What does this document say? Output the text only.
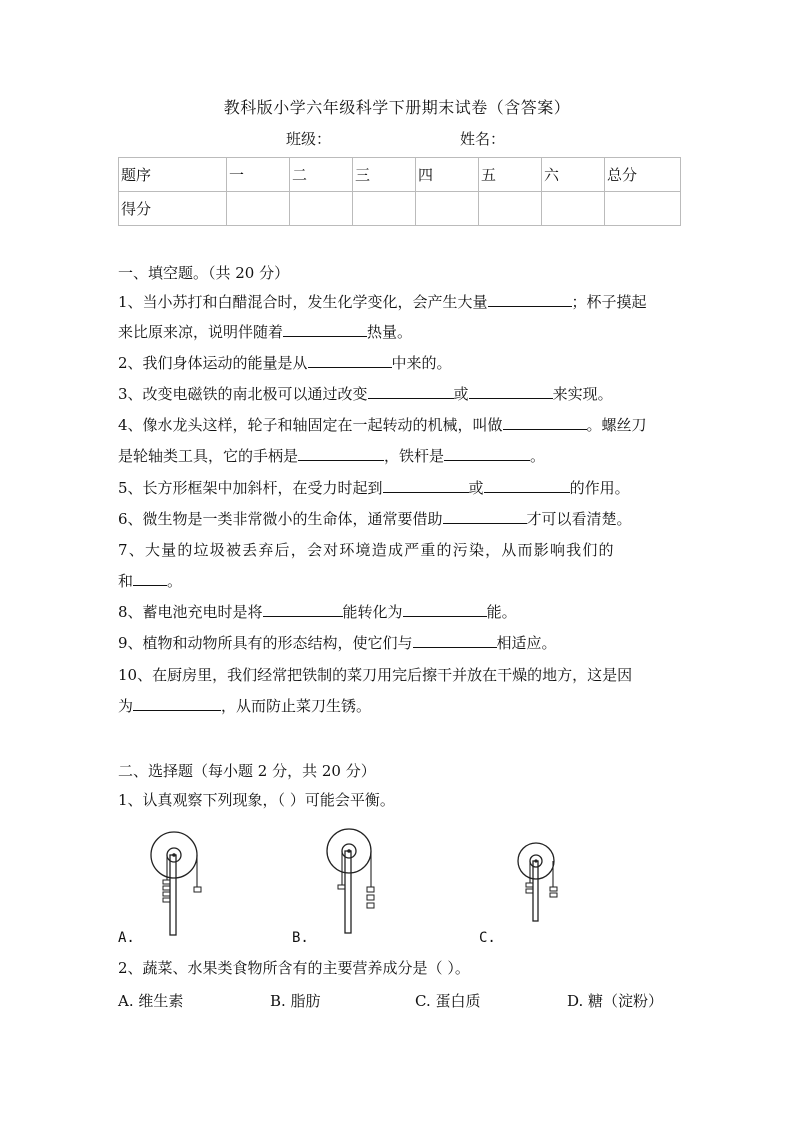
教科版小学六年级科学下册期末试卷（含答案）
班级：	姓名：
题序	一	二	三	四	五	六	总分
得分							
一、填空题。（共 20 分）
1、当小苏打和白醋混合时，发生化学变化，会产生大量	；杯子摸起
来比原来凉，说明伴随着	热量。
2、我们身体运动的能量是从	中来的。
3、改变电磁铁的南北极可以通过改变	或	来实现。
4、像水龙头这样，轮子和轴固定在一起转动的机械，叫做	。螺丝刀
是轮轴类工具，它的手柄是	，铁杆是	。
5、长方形框架中加斜杆，在受力时起到	或	的作用。
6、微生物是一类非常微小的生命体，通常要借助	才可以看清楚。
7、大量的垃圾被丢弃后，会对环境造成严重的污染，从而影响我们的
和 。
8、蓄电池充电时是将	能转化为	能。
9、植物和动物所具有的形态结构，使它们与	相适应。
10、在厨房里，我们经常把铁制的菜刀用完后擦干并放在干燥的地方，这是因
为	，从而防止菜刀生锈。
二、选择题（每小题 2 分，共 20 分）
1、认真观察下列现象，（ ）可能会平衡。
A.	B.	C.
2、蔬菜、水果类食物所含有的主要营养成分是（ ）。
A. 维生素	B. 脂肪	C. 蛋白质	D. 糖（淀粉）
